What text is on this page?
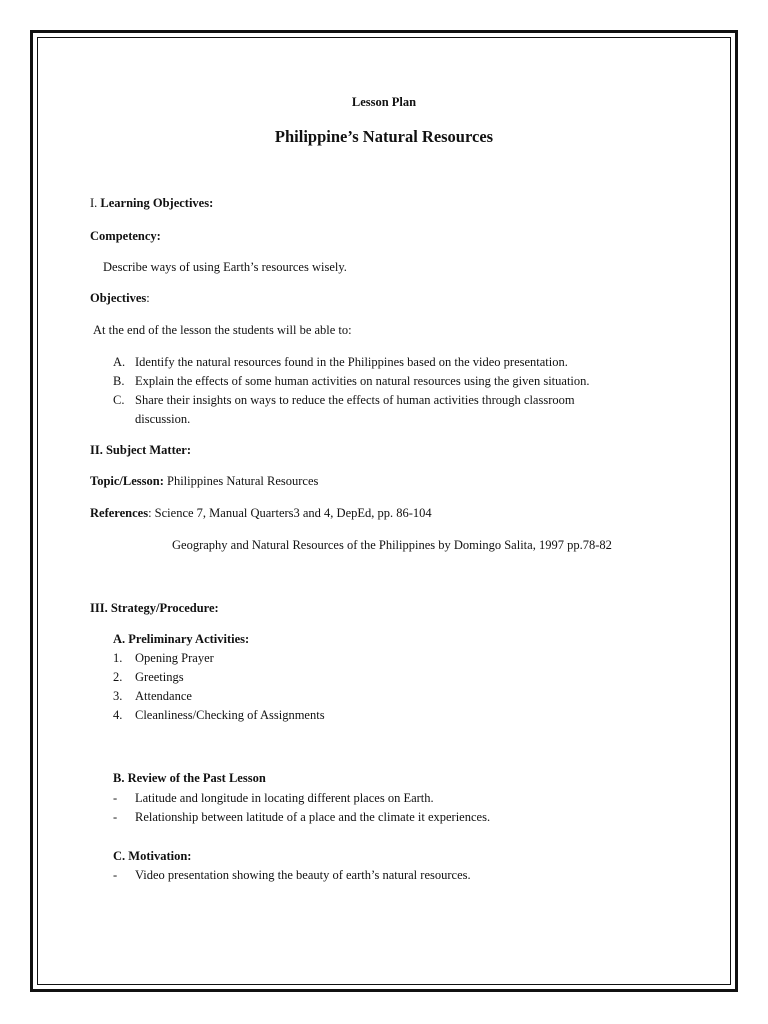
Lesson Plan
Philippine’s Natural Resources
I. Learning Objectives:
Competency:
Describe ways of using Earth’s resources wisely.
Objectives:
At the end of the lesson the students will be able to:
A. Identify the natural resources found in the Philippines based on the video presentation.
B. Explain the effects of some human activities on natural resources using the given situation.
C. Share their insights on ways to reduce the effects of human activities through classroom
discussion.
II. Subject Matter:
Topic/Lesson: Philippines Natural Resources
References: Science 7, Manual Quarters3 and 4, DepEd, pp. 86-104
Geography and Natural Resources of the Philippines by Domingo Salita, 1997 pp.78-82
III. Strategy/Procedure:
A. Preliminary Activities:
1. Opening Prayer
2. Greetings
3. Attendance
4. Cleanliness/Checking of Assignments
B. Review of the Past Lesson
- Latitude and longitude in locating different places on Earth.
- Relationship between latitude of a place and the climate it experiences.
C. Motivation:
- Video presentation showing the beauty of earth’s natural resources.
